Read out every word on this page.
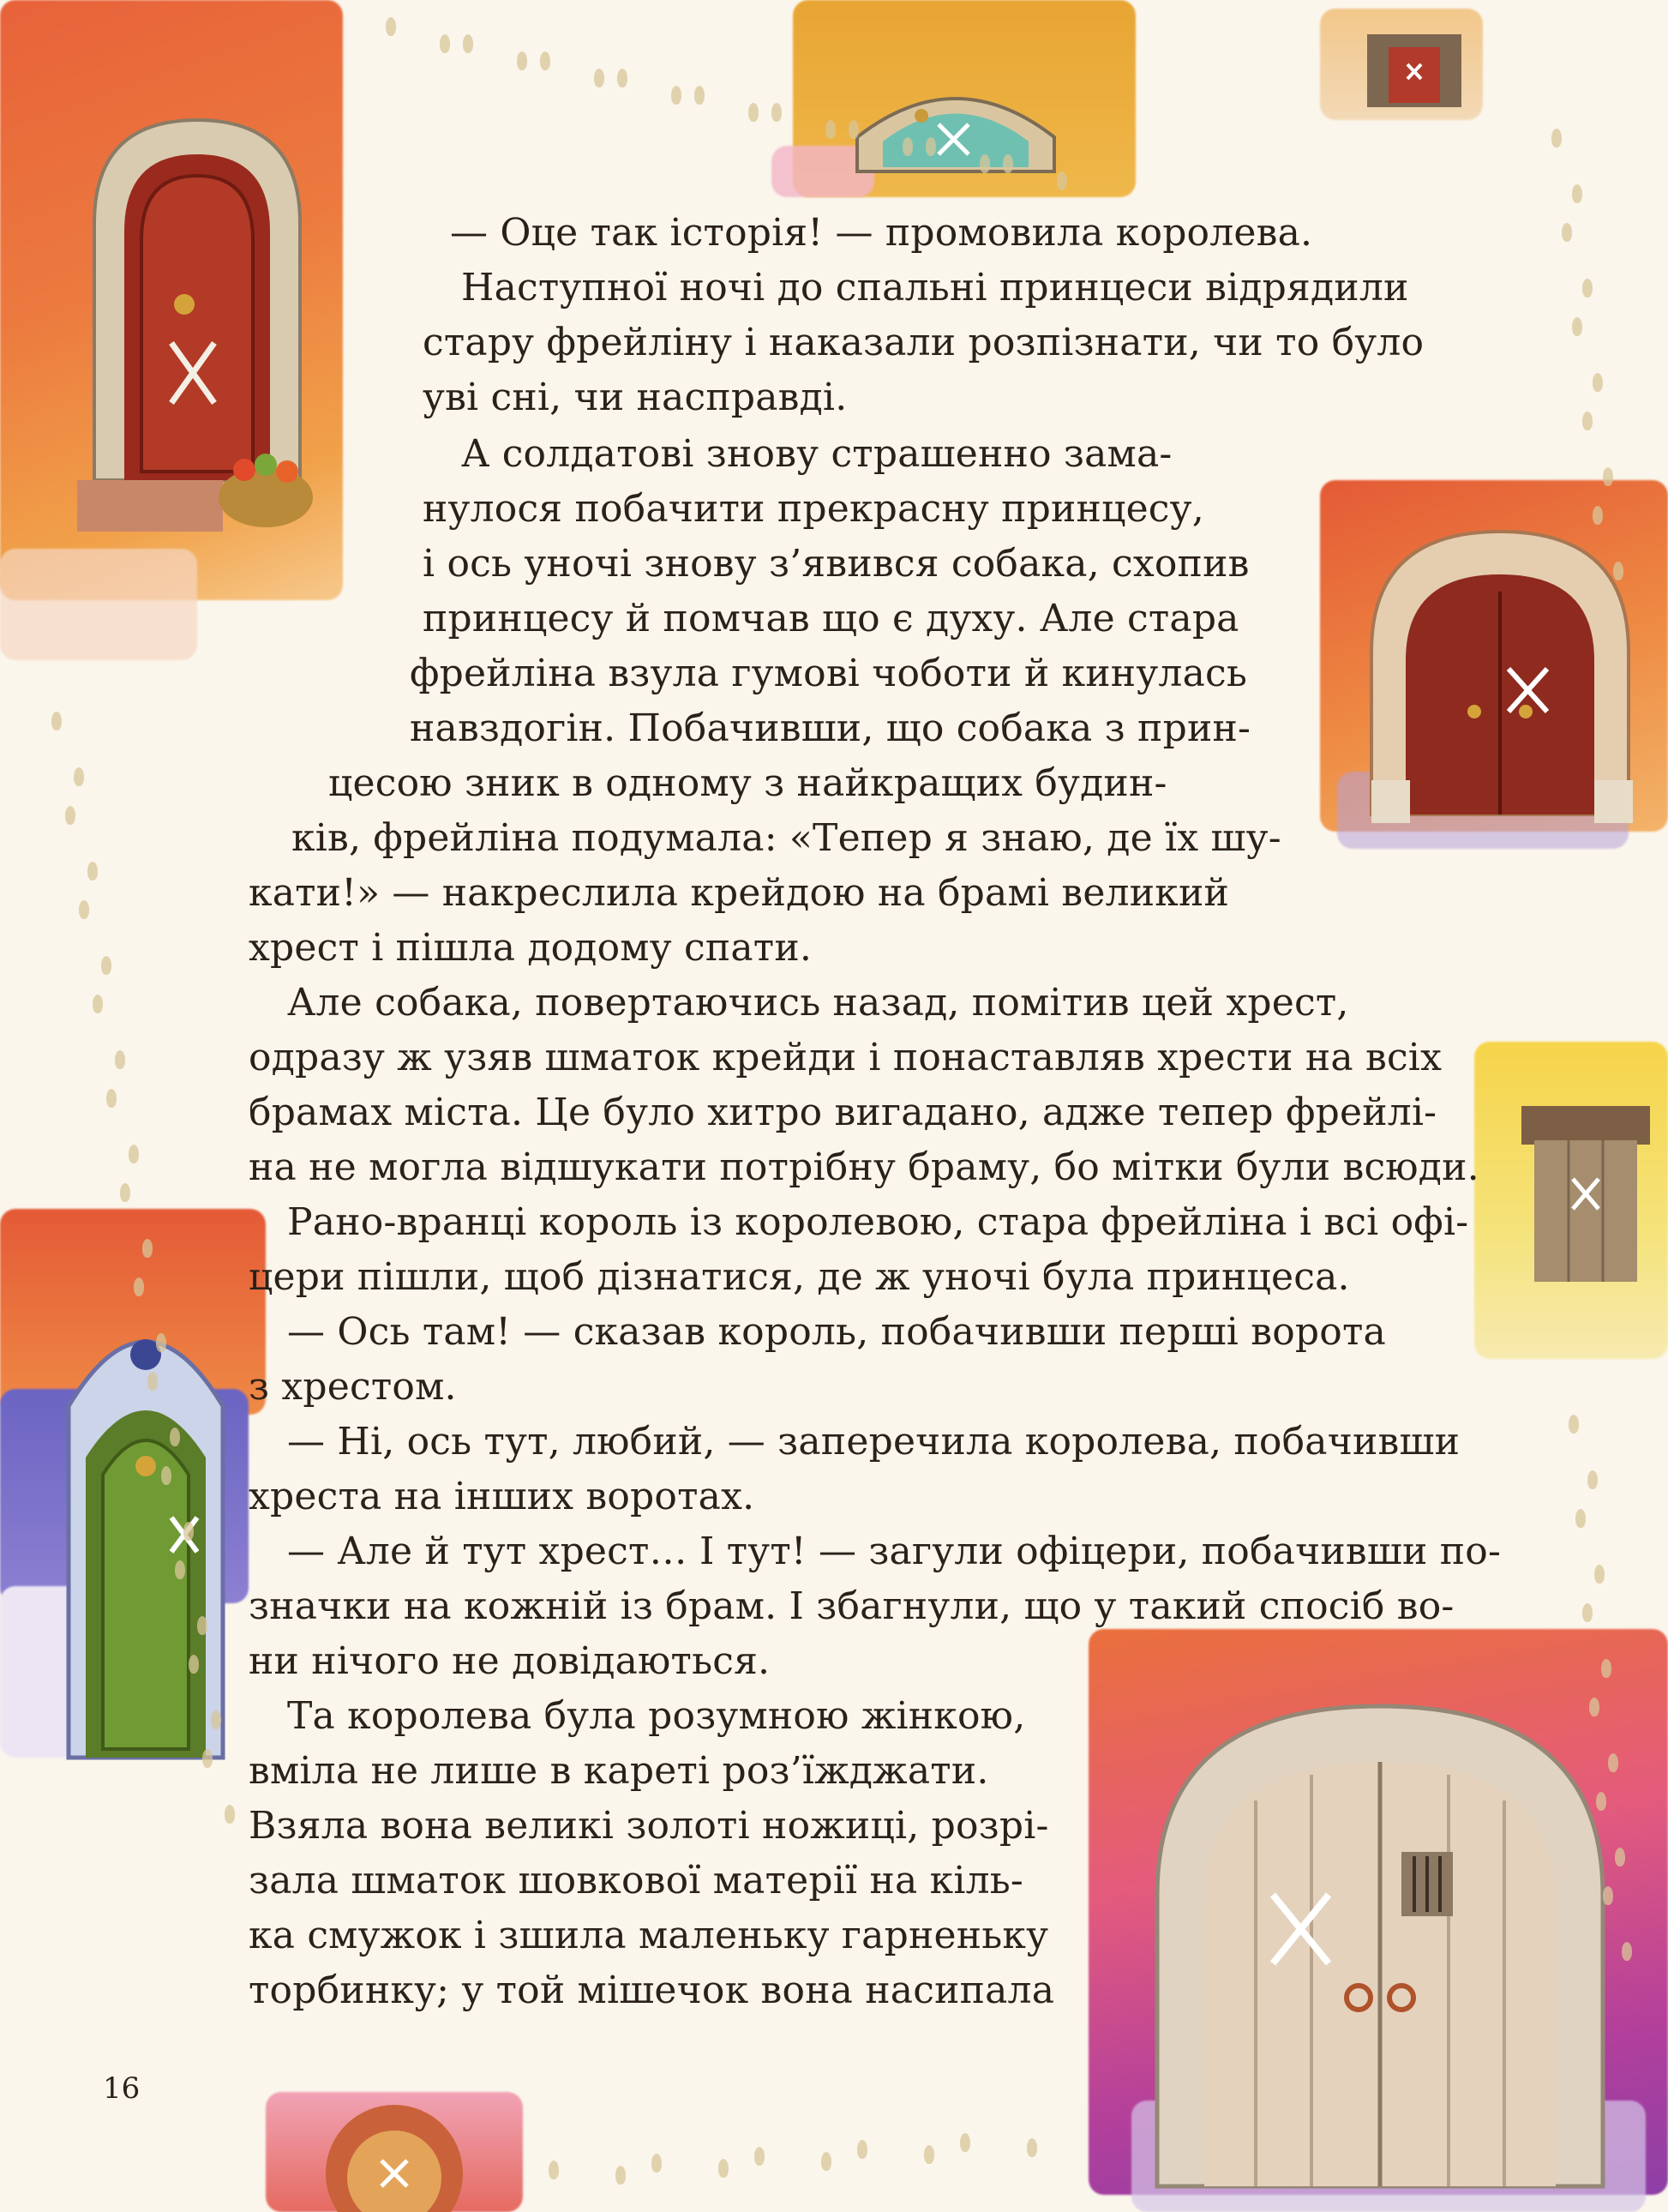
— Оце так історія! — промовила королева.
Наступної ночі до спальні принцеси відрядили
стару фрейліну і наказали розпізнати, чи то було
уві сні, чи насправді.
А солдатові знову страшенно зама-
нулося побачити прекрасну принцесу,
і ось уночі знову з’явився собака, схопив
принцесу й помчав що є духу. Але стара
фрейліна взула гумові чоботи й кинулась
навздогін. Побачивши, що собака з прин-
цесою зник в одному з найкращих будин-
ків, фрейліна подумала: «Тепер я знаю, де їх шу-
кати!» — накреслила крейдою на брамі великий
хрест і пішла додому спати.
Але собака, повертаючись назад, помітив цей хрест,
одразу ж узяв шматок крейди і понаставляв хрести на всіх
брамах міста. Це було хитро вигадано, адже тепер фрейлі-
на не могла відшукати потрібну браму, бо мітки були всюди.
Рано-вранці король із королевою, стара фрейліна і всі офі-
цери пішли, щоб дізнатися, де ж уночі була принцеса.
— Ось там! — сказав король, побачивши перші ворота
з хрестом.
— Ні, ось тут, любий, — заперечила королева, побачивши
хреста на інших воротах.
— Але й тут хрест… І тут! — загули офіцери, побачивши по-
значки на кожній із брам. І збагнули, що у такий спосіб во-
ни нічого не довідаються.
Та королева була розумною жінкою,
вміла не лише в кареті роз’їжджати.
Взяла вона великі золоті ножиці, розрі-
зала шматок шовкової матерії на кіль-
ка смужок і зшила маленьку гарненьку
торбинку; у той мішечок вона насипала
16
